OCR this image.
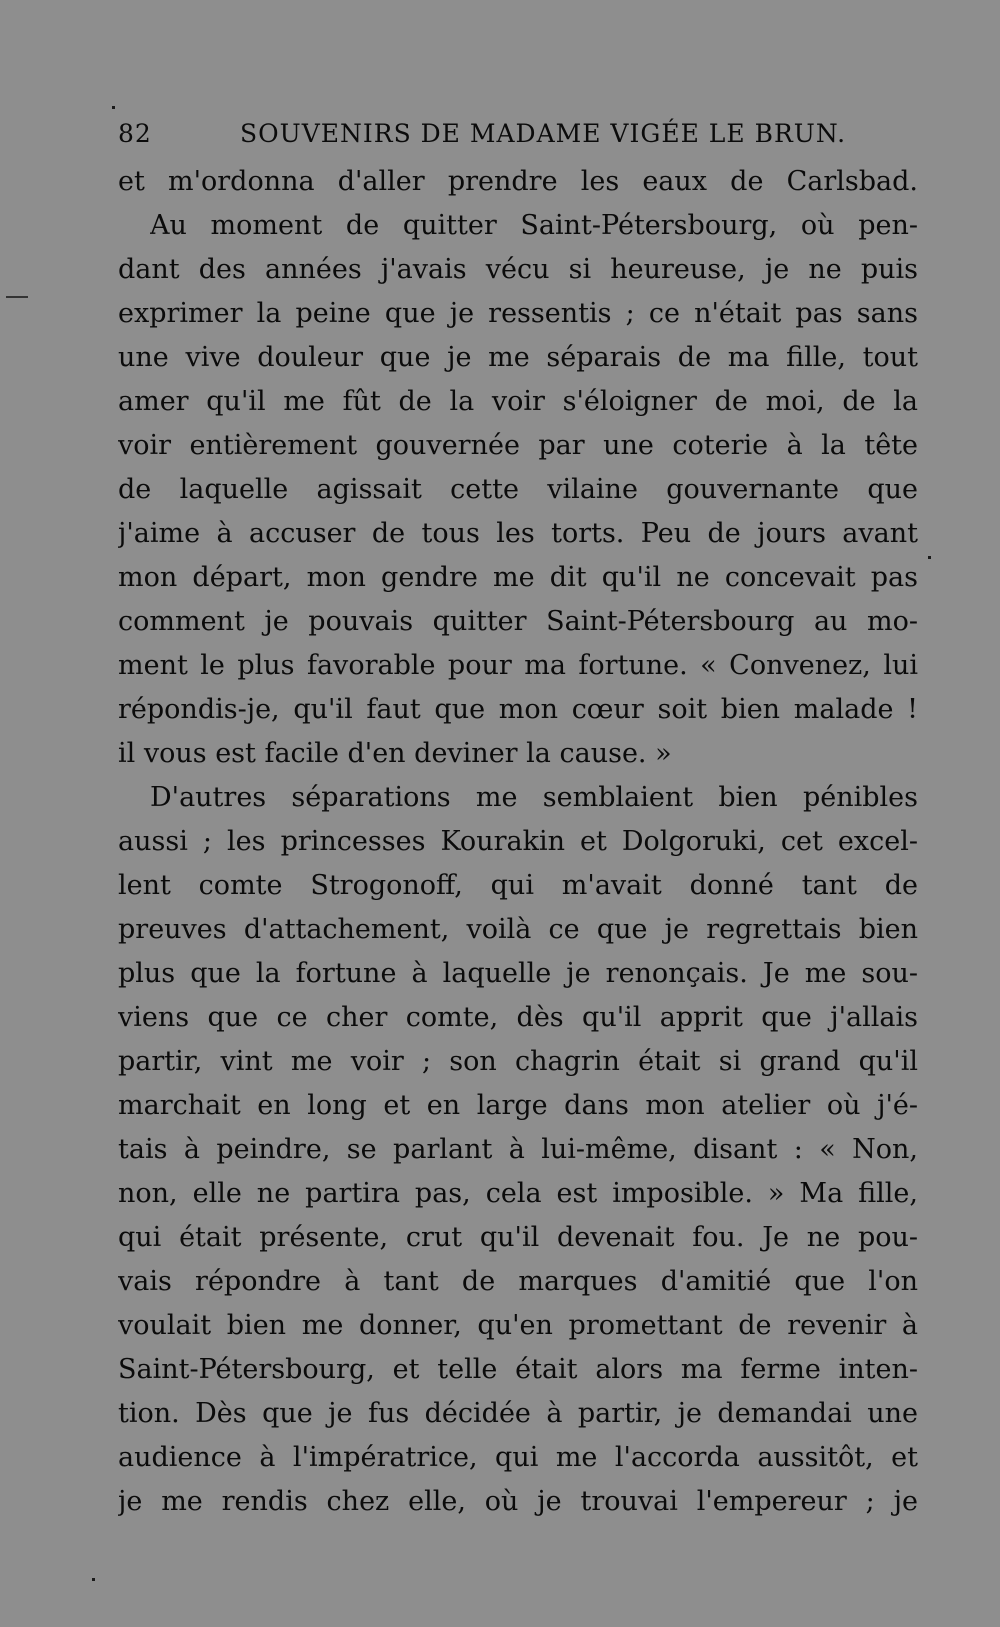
82	SOUVENIRS DE MADAME VIGÉE LE BRUN.
et m'ordonna d'aller prendre les eaux de Carlsbad.
Au moment de quitter Saint-Pétersbourg, où pen-
dant des années j'avais vécu si heureuse, je ne puis
exprimer la peine que je ressentis ; ce n'était pas sans
une vive douleur que je me séparais de ma fille, tout
amer qu'il me fût de la voir s'éloigner de moi, de la
voir entièrement gouvernée par une coterie à la tête
de laquelle agissait cette vilaine gouvernante que
j'aime à accuser de tous les torts. Peu de jours avant
mon départ, mon gendre me dit qu'il ne concevait pas
comment je pouvais quitter Saint-Pétersbourg au mo-
ment le plus favorable pour ma fortune. « Convenez, lui
répondis-je, qu'il faut que mon cœur soit bien malade !
il vous est facile d'en deviner la cause. »
D'autres séparations me semblaient bien pénibles
aussi ; les princesses Kourakin et Dolgoruki, cet excel-
lent comte Strogonoff, qui m'avait donné tant de
preuves d'attachement, voilà ce que je regrettais bien
plus que la fortune à laquelle je renonçais. Je me sou-
viens que ce cher comte, dès qu'il apprit que j'allais
partir, vint me voir ; son chagrin était si grand qu'il
marchait en long et en large dans mon atelier où j'é-
tais à peindre, se parlant à lui-même, disant : « Non,
non, elle ne partira pas, cela est imposible. » Ma fille,
qui était présente, crut qu'il devenait fou. Je ne pou-
vais répondre à tant de marques d'amitié que l'on
voulait bien me donner, qu'en promettant de revenir à
Saint-Pétersbourg, et telle était alors ma ferme inten-
tion. Dès que je fus décidée à partir, je demandai une
audience à l'impératrice, qui me l'accorda aussitôt, et
je me rendis chez elle, où je trouvai l'empereur ; je
